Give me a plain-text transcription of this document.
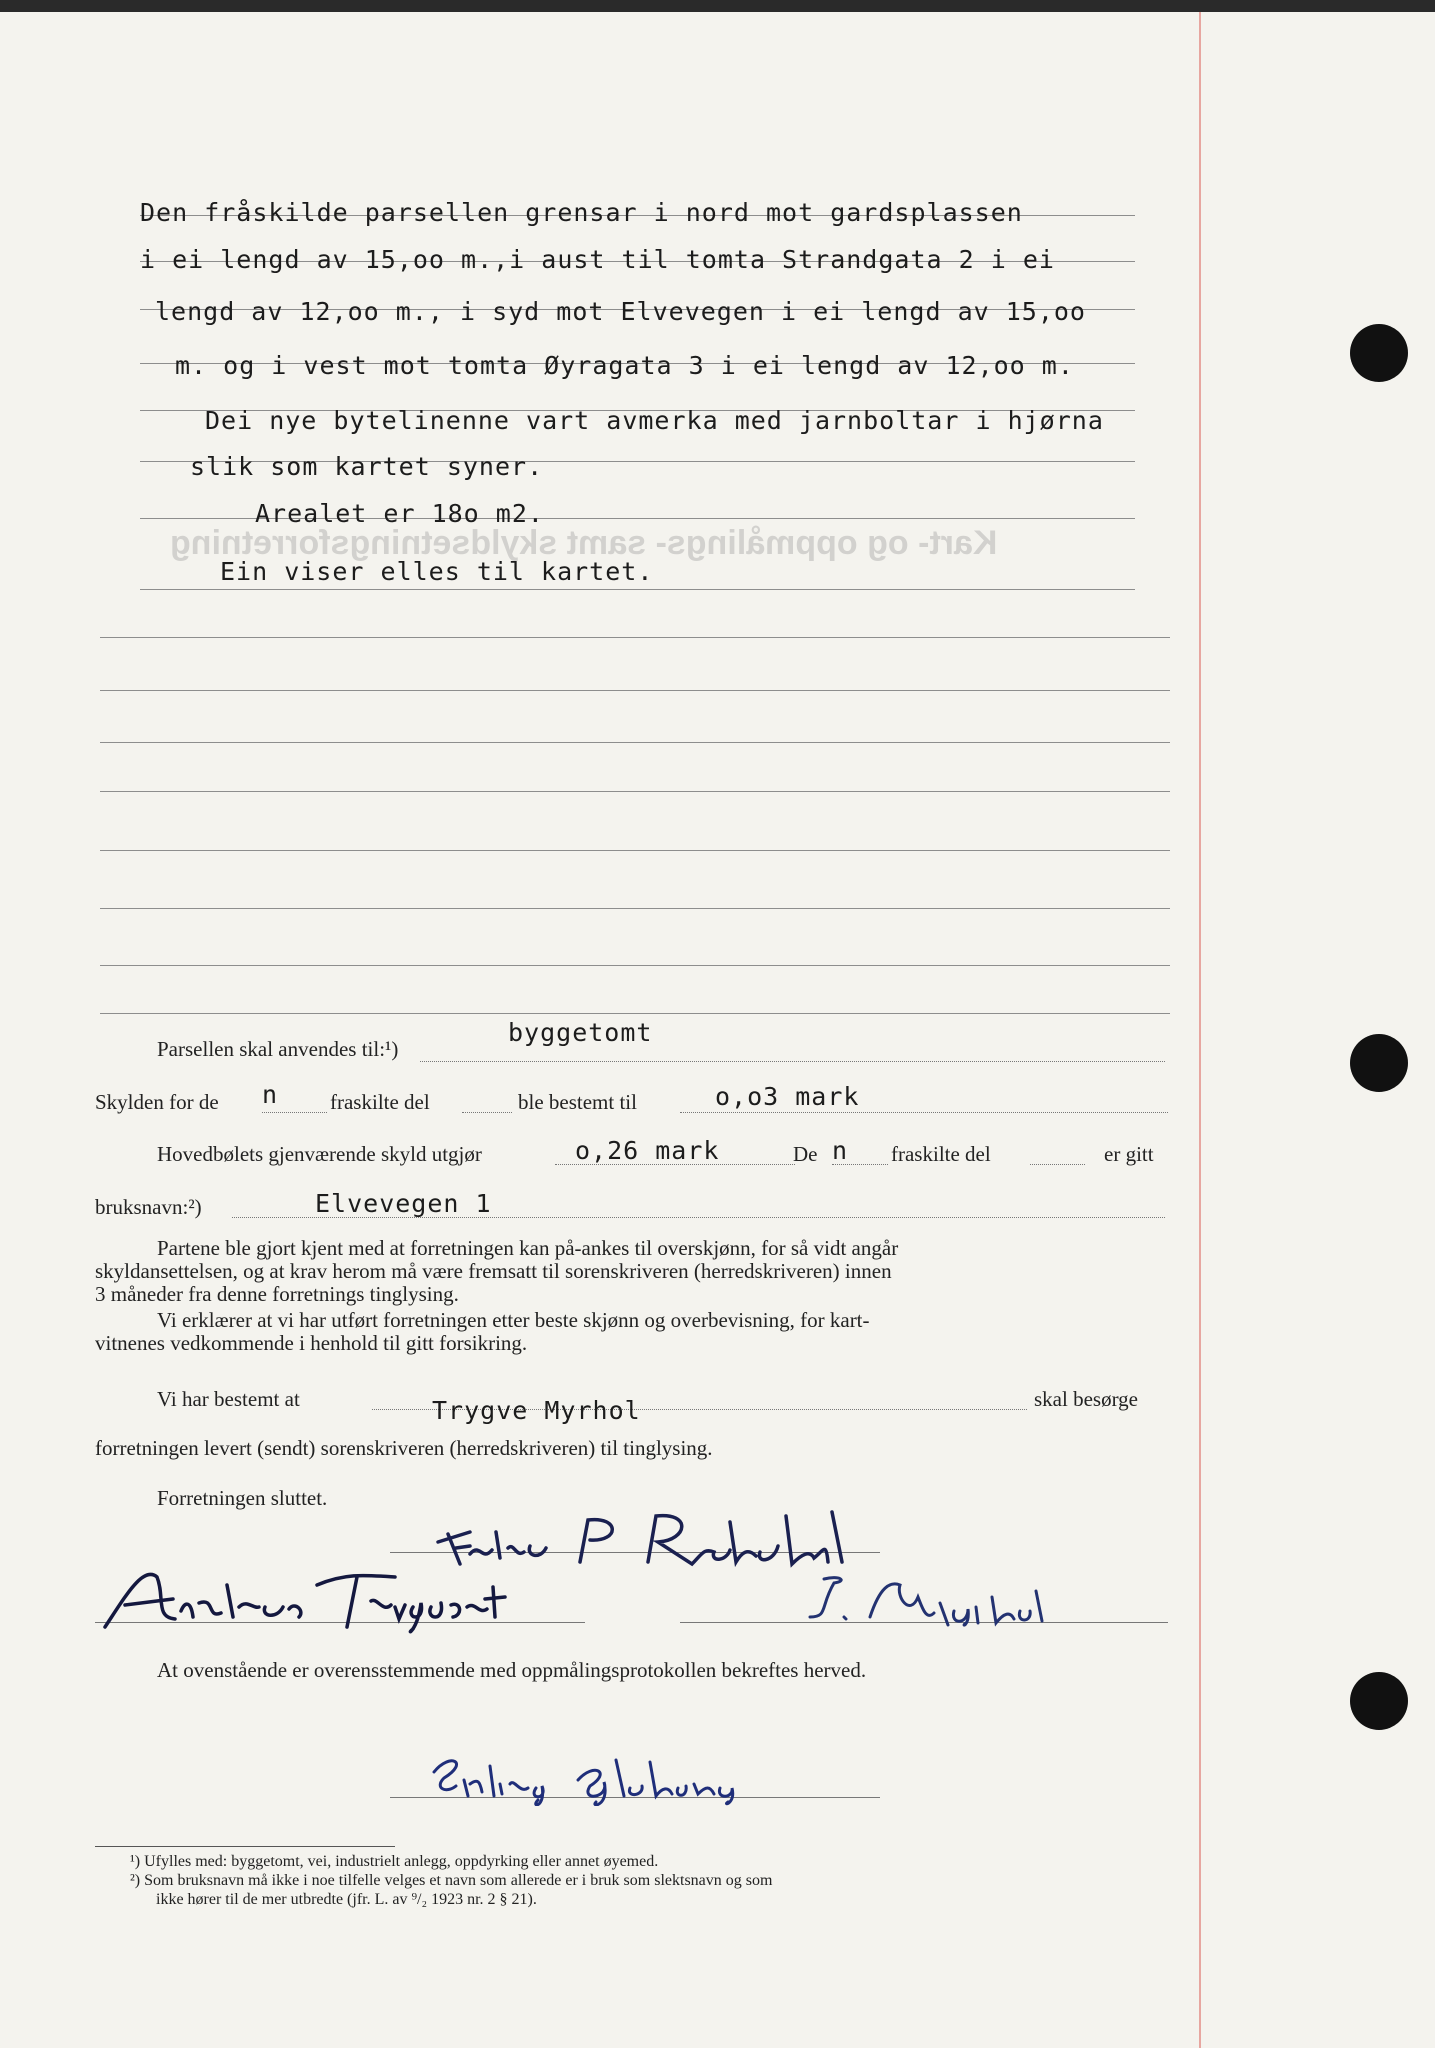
Kart- og oppmålings- samt skyldsetningsforretning
Den fråskilde parsellen grensar i nord mot gardsplassen
i ei lengd av 15,oo m.,i aust til tomta Strandgata 2 i ei
lengd av 12,oo m., i syd mot Elvevegen i ei lengd av 15,oo
m. og i vest mot tomta Øyragata 3 i ei lengd av 12,oo m.
Dei nye bytelinenne vart avmerka med jarnboltar i hjørna
slik som kartet syner.
Arealet er 18o m2.
Ein viser elles til kartet.
Parsellen skal anvendes til:¹)
byggetomt
Skylden for de n fraskilte del	ble bestemt til	o,o3 mark
Hovedbølets gjenværende skyld utgjør	o,26 mark	De n fraskilte del	er gitt
bruksnavn:²)	Elvevegen 1
Partene ble gjort kjent med at forretningen kan på-ankes til overskjønn, for så vidt angår
skyldansettelsen, og at krav herom må være fremsatt til sorenskriveren (herredskriveren) innen
3 måneder fra denne forretnings tinglysing.
Vi erklærer at vi har utført forretningen etter beste skjønn og overbevisning, for kart-
vitnenes vedkommende i henhold til gitt forsikring.
Vi har bestemt at	Trygve Myrhol	skal besørge
forretningen levert (sendt) sorenskriveren (herredskriveren) til tinglysing.
Forretningen sluttet.
At ovenstående er overensstemmende med oppmålingsprotokollen bekreftes herved.
¹) Ufylles med: byggetomt, vei, industrielt anlegg, oppdyrking eller annet øyemed.
²) Som bruksnavn må ikke i noe tilfelle velges et navn som allerede er i bruk som slektsnavn og som
ikke hører til de mer utbredte (jfr. L. av ⁹/₂ 1923 nr. 2 § 21).
